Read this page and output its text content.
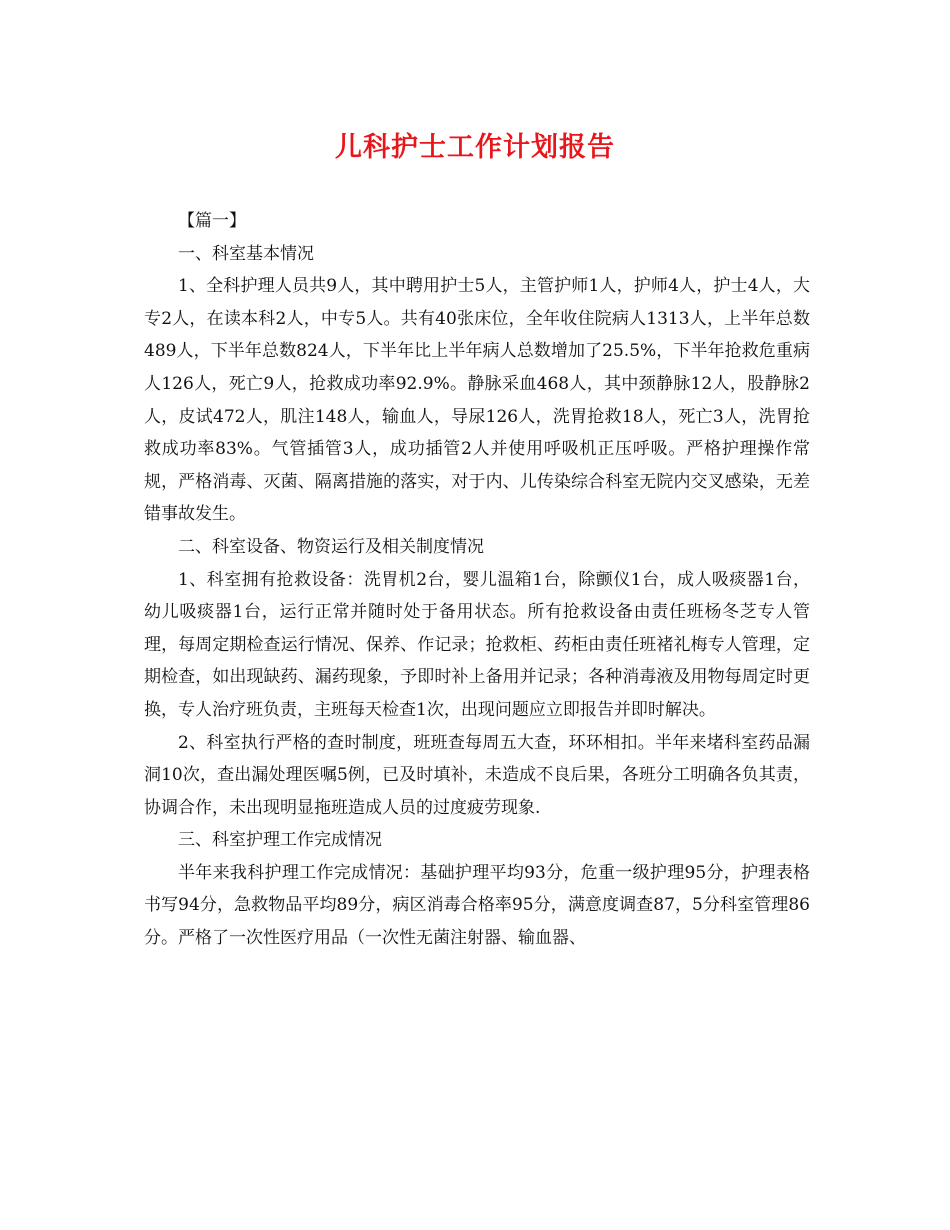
儿科护士工作计划报告

【篇一】

一、科室基本情况

1、全科护理人员共9人，其中聘用护士5人，主管护师1人，护师4人，护士4人，大专2人，在读本科2人，中专5人。共有40张床位，全年收住院病人1313人，上半年总数489人，下半年总数824人，下半年比上半年病人总数增加了25.5%，下半年抢救危重病人126人，死亡9人，抢救成功率92.9%。静脉采血468人，其中颈静脉12人，股静脉2人，皮试472人，肌注148人，输血人，导尿126人，洗胃抢救18人，死亡3人，洗胃抢救成功率83%。气管插管3人，成功插管2人并使用呼吸机正压呼吸。严格护理操作常规，严格消毒、灭菌、隔离措施的落实，对于内、儿传染综合科室无院内交叉感染，无差错事故发生。

二、科室设备、物资运行及相关制度情况

1、科室拥有抢救设备：洗胃机2台，婴儿温箱1台，除颤仪1台，成人吸痰器1台，幼儿吸痰器1台，运行正常并随时处于备用状态。所有抢救设备由责任班杨冬芝专人管理，每周定期检查运行情况、保养、作记录；抢救柜、药柜由责任班褚礼梅专人管理，定期检查，如出现缺药、漏药现象，予即时补上备用并记录；各种消毒液及用物每周定时更换，专人治疗班负责，主班每天检查1次，出现问题应立即报告并即时解决。

2、科室执行严格的查时制度，班班查每周五大查，环环相扣。半年来堵科室药品漏洞10次，查出漏处理医嘱5例，已及时填补，未造成不良后果，各班分工明确各负其责，协调合作，未出现明显拖班造成人员的过度疲劳现象.

三、科室护理工作完成情况

半年来我科护理工作完成情况：基础护理平均93分，危重一级护理95分，护理表格书写94分，急救物品平均89分，病区消毒合格率95分，满意度调查87，5分科室管理86分。严格了一次性医疗用品（一次性无菌注射器、输血器、
